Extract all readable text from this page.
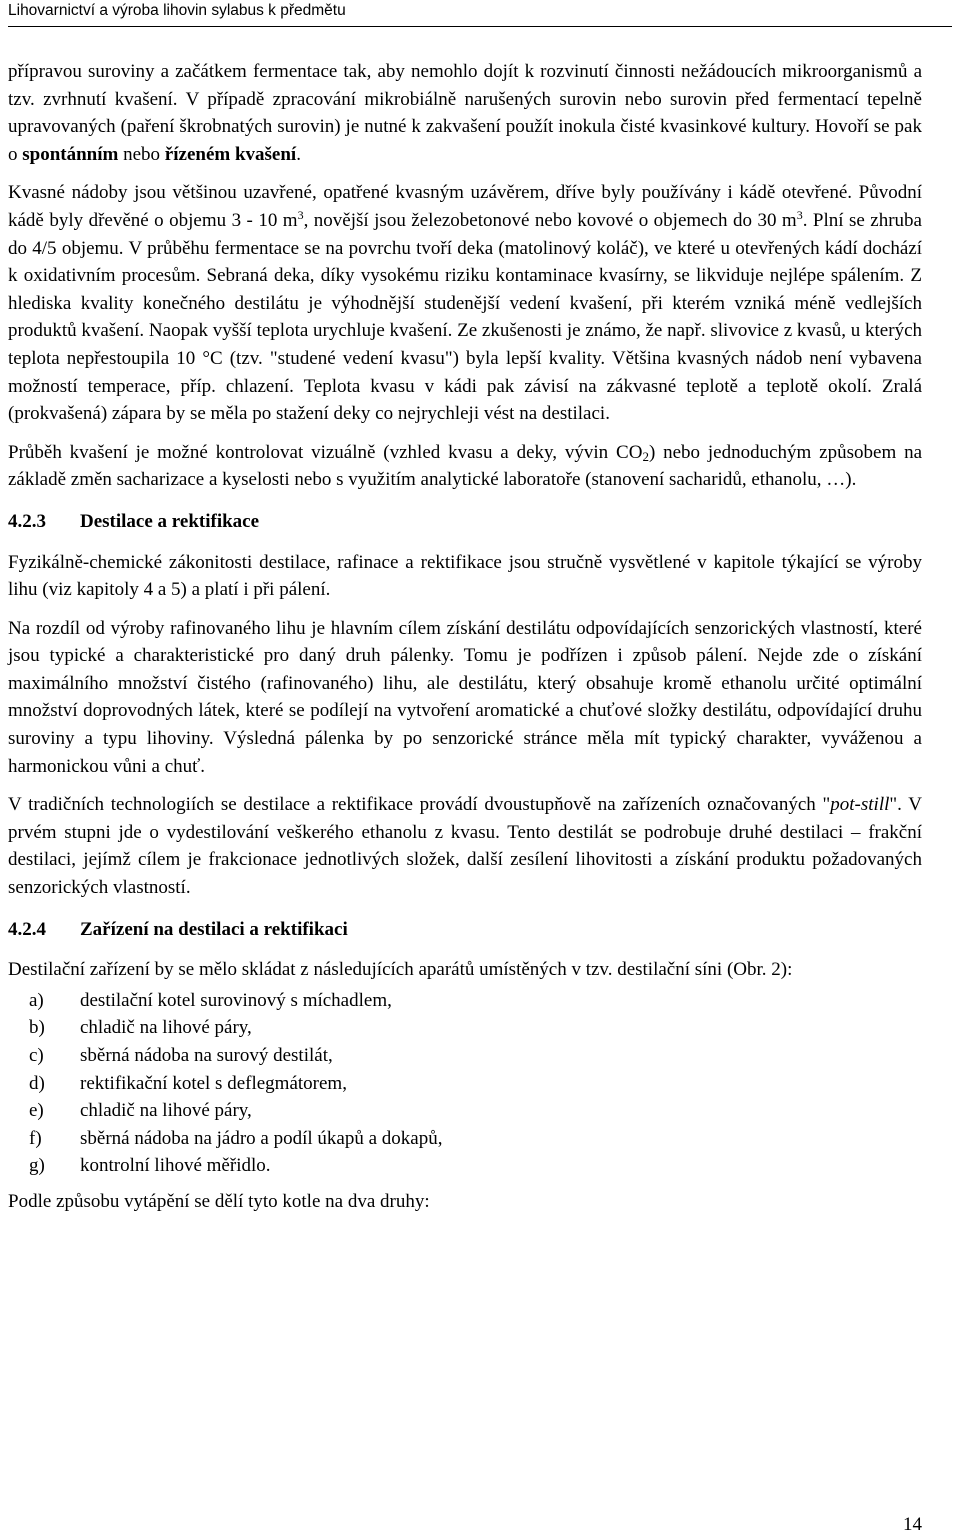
Lihovarnictví a výroba lihovin sylabus k předmětu

přípravou suroviny a začátkem fermentace tak, aby nemohlo dojít k rozvinutí činnosti nežádoucích mikroorganismů a tzv. zvrhnutí kvašení. V případě zpracování mikrobiálně narušených surovin nebo surovin před fermentací tepelně upravovaných (paření škrobnatých surovin) je nutné k zakvašení použít inokula čisté kvasinkové kultury. Hovoří se pak o spontánním nebo řízeném kvašení.

Kvasné nádoby jsou většinou uzavřené, opatřené kvasným uzávěrem, dříve byly používány i kádě otevřené. Původní kádě byly dřevěné o objemu 3 - 10 $m^3$, novější jsou železobetonové nebo kovové o objemech do 30 $m^3$. Plní se zhruba do 4/5 objemu. V průběhu fermentace se na povrchu tvoří deka (matolinový koláč), ve které u otevřených kádí dochází k oxidativním procesům. Sebraná deka, díky vysokému riziku kontaminace kvasírny, se likviduje nejlépe spálením. Z hlediska kvality konečného destilátu je výhodnější studenější vedení kvašení, při kterém vzniká méně vedlejších produktů kvašení. Naopak vyšší teplota urychluje kvašení. Ze zkušenosti je známo, že např. slivovice z kvasů, u kterých teplota nepřestoupila 10 °C (tzv. "studené vedení kvasu") byla lepší kvality. Většina kvasných nádob není vybavena možností temperace, příp. chlazení. Teplota kvasu v kádi pak závisí na zákvasné teplotě a teplotě okolí. Zralá (prokvašená) zápara by se měla po stažení deky co nejrychleji vést na destilaci.

Průběh kvašení je možné kontrolovat vizuálně (vzhled kvasu a deky, vývin $CO_2$) nebo jednoduchým způsobem na základě změn sacharizace a kyselosti nebo s využitím analytické laboratoře (stanovení sacharidů, ethanolu, …).

4.2.3 Destilace a rektifikace

Fyzikálně-chemické zákonitosti destilace, rafinace a rektifikace jsou stručně vysvětlené v kapitole týkající se výroby lihu (viz kapitoly 4 a 5) a platí i při pálení.

Na rozdíl od výroby rafinovaného lihu je hlavním cílem získání destilátu odpovídajících senzorických vlastností, které jsou typické a charakteristické pro daný druh pálenky. Tomu je podřízen i způsob pálení. Nejde zde o získání maximálního množství čistého (rafinovaného) lihu, ale destilátu, který obsahuje kromě ethanolu určité optimální množství doprovodných látek, které se podílejí na vytvoření aromatické a chuťové složky destilátu, odpovídající druhu suroviny a typu lihoviny. Výsledná pálenka by po senzorické stránce měla mít typický charakter, vyváženou a harmonickou vůni a chuť.

V tradičních technologiích se destilace a rektifikace provádí dvoustupňově na zařízeních označovaných "pot-still". V prvém stupni jde o vydestilování veškerého ethanolu z kvasu. Tento destilát se podrobuje druhé destilaci – frakční destilaci, jejímž cílem je frakcionace jednotlivých složek, další zesílení lihovitosti a získání produktu požadovaných senzorických vlastností.

4.2.4 Zařízení na destilaci a rektifikaci

Destilační zařízení by se mělo skládat z následujících aparátů umístěných v tzv. destilační síni (Obr. 2):

a)	destilační kotel surovinový s míchadlem,
b)	chladič na lihové páry,
c)	sběrná nádoba na surový destilát,
d)	rektifikační kotel s deflegmátorem,
e)	chladič na lihové páry,
f)	sběrná nádoba na jádro a podíl úkapů a dokapů,
g)	kontrolní lihové měřidlo.

Podle způsobu vytápění se dělí tyto kotle na dva druhy:

14
